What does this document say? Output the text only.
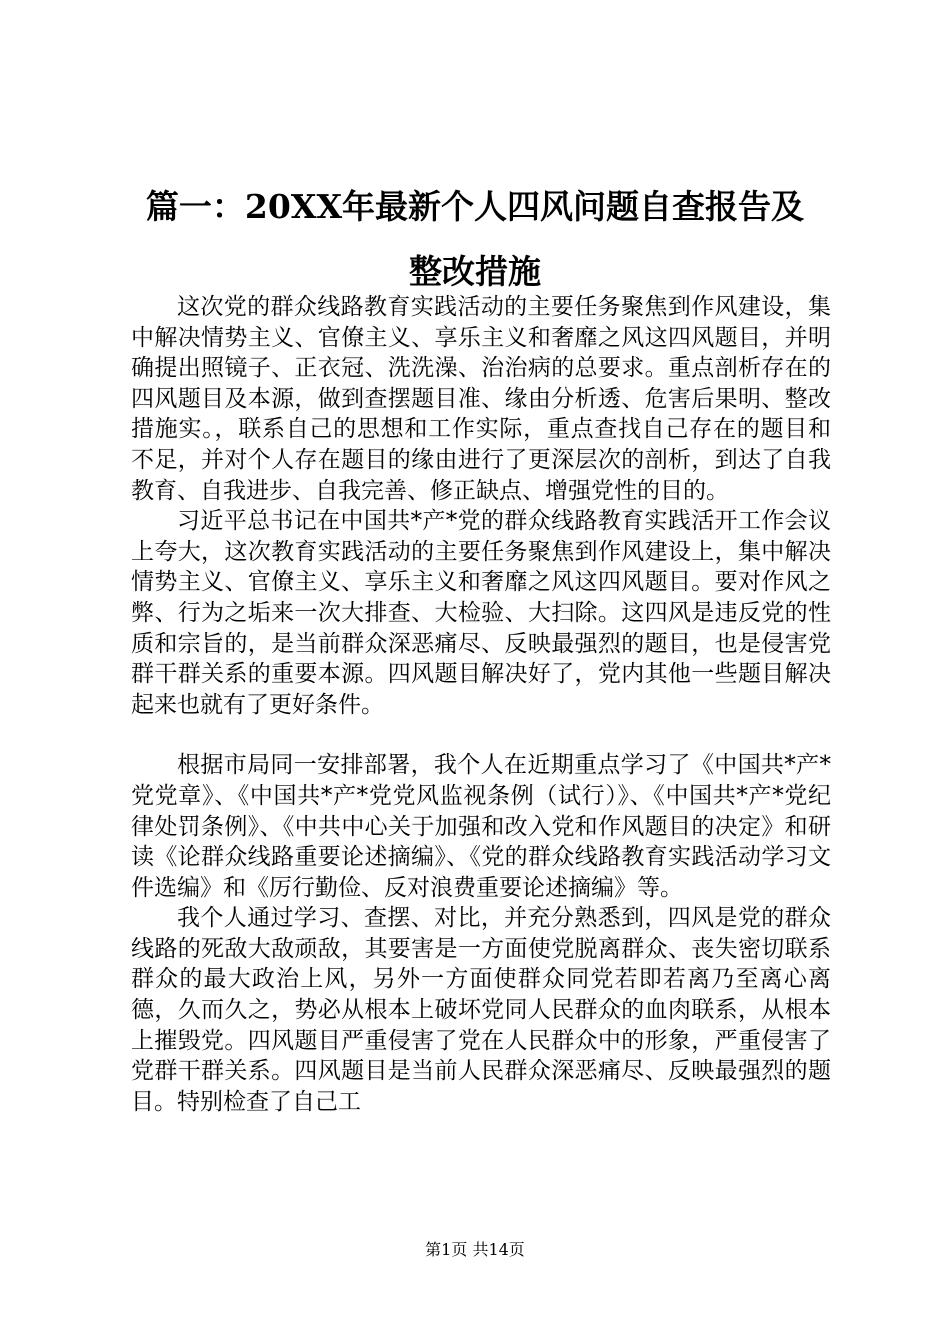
篇一：20XX年最新个人四风问题自查报告及
整改措施

这次党的群众线路教育实践活动的主要任务聚焦到作风建设，集中解决情势主义、官僚主义、享乐主义和奢靡之风这四风题目，并明确提出照镜子、正衣冠、洗洗澡、治治病的总要求。重点剖析存在的四风题目及本源，做到查摆题目准、缘由分析透、危害后果明、整改措施实。，联系自己的思想和工作实际，重点查找自己存在的题目和不足，并对个人存在题目的缘由进行了更深层次的剖析，到达了自我教育、自我进步、自我完善、修正缺点、增强党性的目的。

习近平总书记在中国共*产*党的群众线路教育实践活开工作会议上夸大，这次教育实践活动的主要任务聚焦到作风建设上，集中解决情势主义、官僚主义、享乐主义和奢靡之风这四风题目。要对作风之弊、行为之垢来一次大排查、大检验、大扫除。这四风是违反党的性质和宗旨的，是当前群众深恶痛尽、反映最强烈的题目，也是侵害党群干群关系的重要本源。四风题目解决好了，党内其他一些题目解决起来也就有了更好条件。

根据市局同一安排部署，我个人在近期重点学习了《中国共*产*党党章》、《中国共*产*党党风监视条例（试行）》、《中国共*产*党纪律处罚条例》、《中共中心关于加强和改入党和作风题目的决定》和研读《论群众线路重要论述摘编》、《党的群众线路教育实践活动学习文件选编》和《厉行勤俭、反对浪费重要论述摘编》等。

我个人通过学习、查摆、对比，并充分熟悉到，四风是党的群众线路的死敌大敌顽敌，其要害是一方面使党脱离群众、丧失密切联系群众的最大政治上风，另外一方面使群众同党若即若离乃至离心离德，久而久之，势必从根本上破坏党同人民群众的血肉联系，从根本上摧毁党。四风题目严重侵害了党在人民群众中的形象，严重侵害了党群干群关系。四风题目是当前人民群众深恶痛尽、反映最强烈的题目。特别检查了自己工

第1页 共14页
